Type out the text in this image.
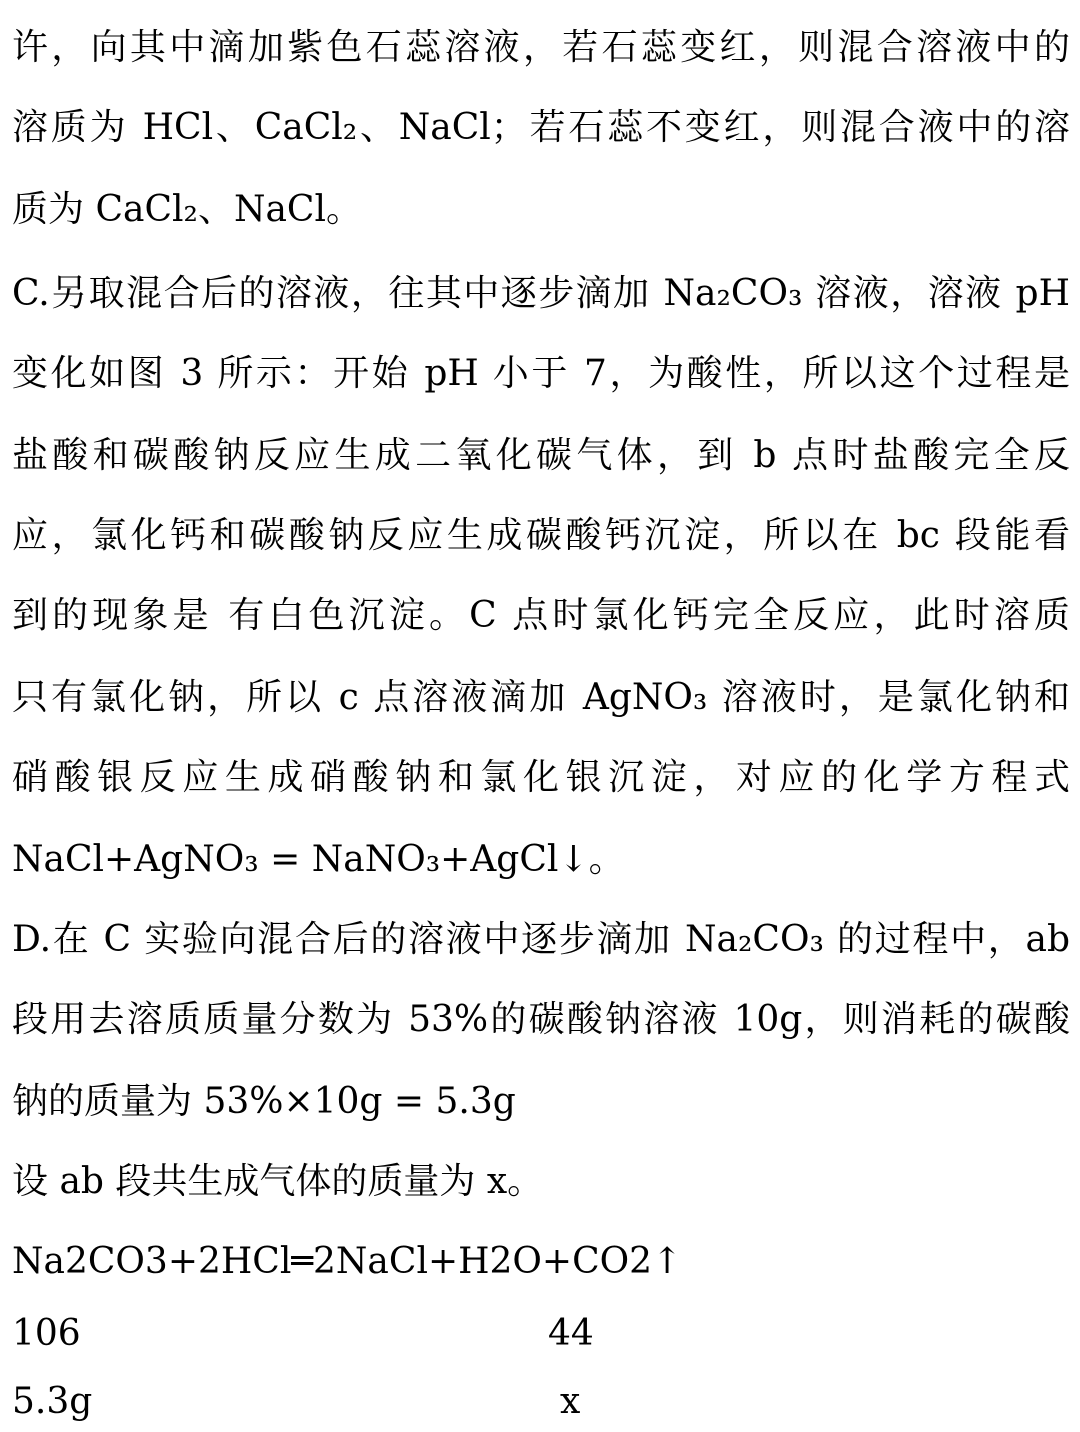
许，向其中滴加紫色石蕊溶液，若石蕊变红，则混合溶液中的
溶质为 HCl、CaCl₂、NaCl；若石蕊不变红，则混合液中的溶
质为 CaCl₂、NaCl。
C.另取混合后的溶液，往其中逐步滴加 Na₂CO₃ 溶液，溶液 pH
变化如图 3 所示：开始 pH 小于 7，为酸性，所以这个过程是
盐酸和碳酸钠反应生成二氧化碳气体，到 b 点时盐酸完全反
应，氯化钙和碳酸钠反应生成碳酸钙沉淀，所以在 bc 段能看
到的现象是 有白色沉淀。C 点时氯化钙完全反应，此时溶质
只有氯化钠，所以 c 点溶液滴加 AgNO₃ 溶液时，是氯化钠和
硝酸银反应生成硝酸钠和氯化银沉淀，对应的化学方程式
NaCl+AgNO₃ = NaNO₃+AgCl↓。
D.在 C 实验向混合后的溶液中逐步滴加 Na₂CO₃ 的过程中，ab
段用去溶质质量分数为 53%的碳酸钠溶液 10g，则消耗的碳酸
钠的质量为 53%×10g = 5.3g
设 ab 段共生成气体的质量为 x。
Na2CO3+2HCl═2NaCl+H2O+CO2↑
106	44
5.3g	x
